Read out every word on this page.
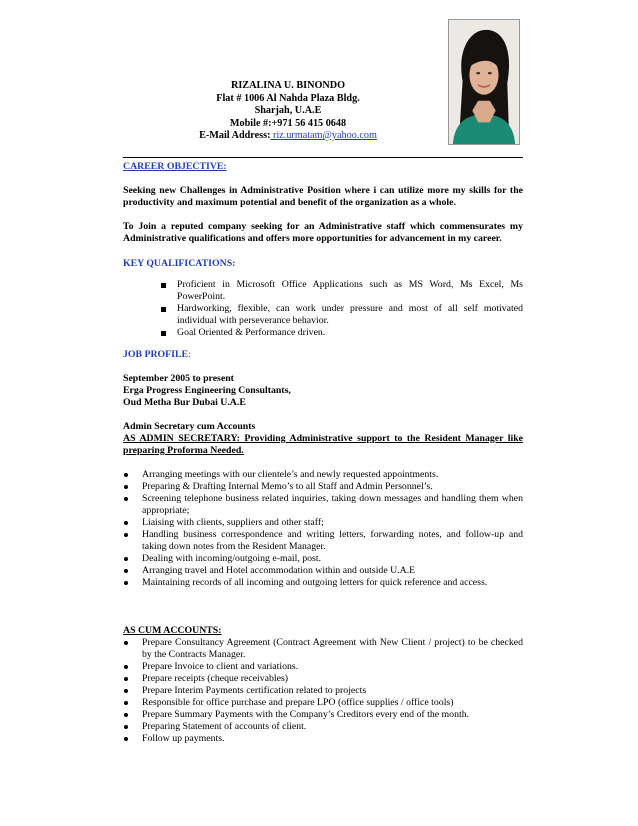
RIZALINA U. BINONDO
Flat # 1006 Al Nahda Plaza Bldg.
Sharjah, U.A.E
Mobile #:+971 56 415 0648
E-Mail Address: riz.urmatam@yahoo.com
CAREER OBJECTIVE:

Seeking new Challenges in Administrative Position where i can utilize more my skills for the productivity and maximum potential and benefit of the organization as a whole.

To Join a reputed company seeking for an Administrative staff which commensurates my Administrative qualifications and offers more opportunities for advancement in my career.

KEY QUALIFICATIONS:
Proficient in Microsoft Office Applications such as MS Word, Ms Excel, Ms PowerPoint.
Hardworking, flexible, can work under pressure and most of all self motivated individual with perseverance behavior.
Goal Oriented & Performance driven.
JOB PROFILE:
September 2005 to present
Erga Progress Engineering Consultants,
Oud Metha Bur Dubai U.A.E
Admin Secretary cum Accounts
AS ADMIN SECRETARY: Providing Administrative support to the Resident Manager like preparing Proforma Needed.
Arranging meetings with our clientele’s and newly requested appointments.
Preparing & Drafting Internal Memo’s to all Staff and Admin Personnel’s.
Screening telephone business related inquiries, taking down messages and handling them when appropriate;
Liaising with clients, suppliers and other staff;
Handling business correspondence and writing letters, forwarding notes, and follow-up and taking down notes from the Resident Manager.
Dealing with incoming/outgoing e-mail, post.
Arranging travel and Hotel accommodation within and outside U.A.E
Maintaining records of all incoming and outgoing letters for quick reference and access.
AS CUM ACCOUNTS:
Prepare Consultancy Agreement (Contract Agreement with New Client / project) to be checked by the Contracts Manager.
Prepare Invoice to client and variations.
Prepare receipts (cheque receivables)
Prepare Interim Payments certification related to projects
Responsible for office purchase and prepare LPO (office supplies / office tools)
Prepare Summary Payments with the Company’s Creditors every end of the month.
Preparing Statement of accounts of client.
Follow up payments.
